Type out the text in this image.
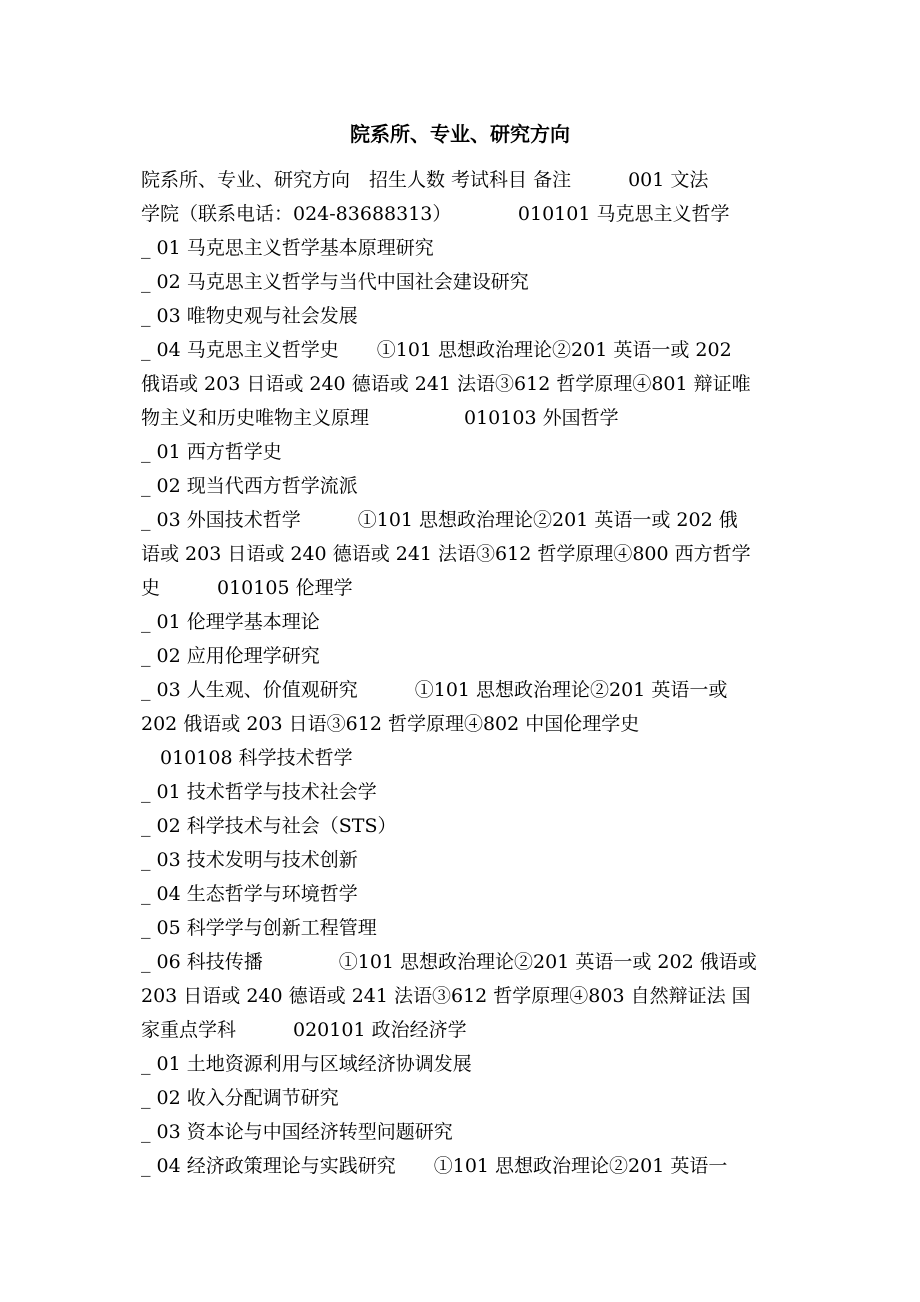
院系所、专业、研究方向

院系所、专业、研究方向　招生人数 考试科目 备注　　　001 文法

学院（联系电话：024-83688313）　　　　010101 马克思主义哲学

_ 01 马克思主义哲学基本原理研究

_ 02 马克思主义哲学与当代中国社会建设研究

_ 03 唯物史观与社会发展

_ 04 马克思主义哲学史　　①101 思想政治理论②201 英语一或 202

俄语或 203 日语或 240 德语或 241 法语③612 哲学原理④801 辩证唯

物主义和历史唯物主义原理　　　　　010103 外国哲学

_ 01 西方哲学史

_ 02 现当代西方哲学流派

_ 03 外国技术哲学　　　①101 思想政治理论②201 英语一或 202 俄

语或 203 日语或 240 德语或 241 法语③612 哲学原理④800 西方哲学

史　　　010105 伦理学

_ 01 伦理学基本理论

_ 02 应用伦理学研究

_ 03 人生观、价值观研究　　　①101 思想政治理论②201 英语一或

202 俄语或 203 日语③612 哲学原理④802 中国伦理学史

　010108 科学技术哲学

_ 01 技术哲学与技术社会学

_ 02 科学技术与社会（STS）

_ 03 技术发明与技术创新

_ 04 生态哲学与环境哲学

_ 05 科学学与创新工程管理

_ 06 科技传播　　　　①101 思想政治理论②201 英语一或 202 俄语或

203 日语或 240 德语或 241 法语③612 哲学原理④803 自然辩证法 国

家重点学科　　　020101 政治经济学

_ 01 土地资源利用与区域经济协调发展

_ 02 收入分配调节研究

_ 03 资本论与中国经济转型问题研究

_ 04 经济政策理论与实践研究　　①101 思想政治理论②201 英语一
